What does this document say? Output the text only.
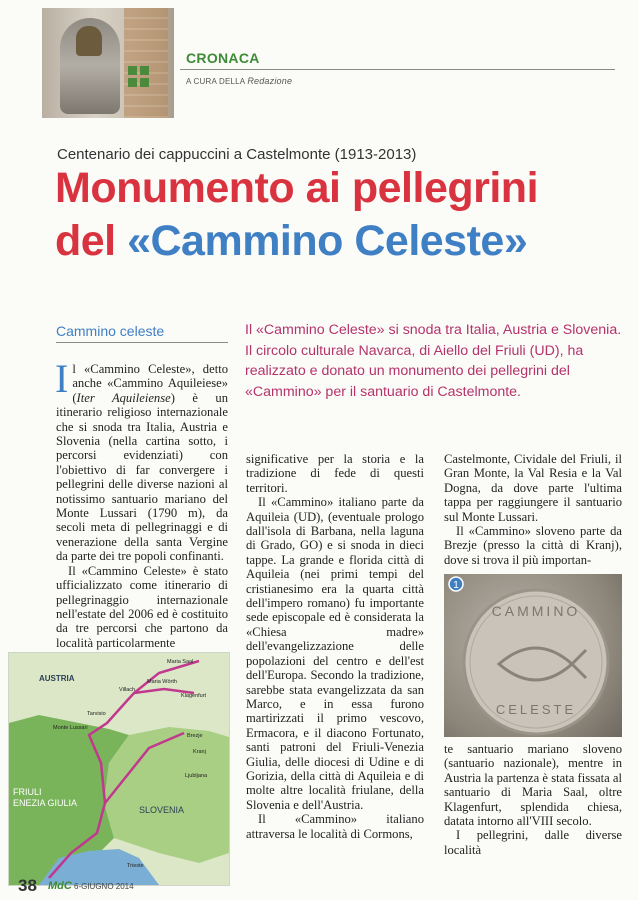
CRONACA
A CURA DELLA Redazione
Centenario dei cappuccini a Castelmonte (1913-2013)
Monumento ai pellegrini
del «Cammino Celeste»
Cammino celeste	Il «Cammino Celeste» si snoda tra Italia, Austria e Slovenia. Il circolo culturale Navarca, di Aiello del Friuli (UD), ha realizzato e donato un monumento dei pellegrini del «Cammino» per il santuario di Castelmonte.

Il «Cammino Celeste», detto anche «Cammino Aquileiese» (Iter Aquileiense) è un itinerario religioso internazionale che si snoda tra Italia, Austria e Slovenia (nella cartina sotto, i percorsi evidenziati) con l'obiettivo di far convergere i pellegrini delle diverse nazioni al notissimo santuario mariano del Monte Lussari (1790 m), da secoli meta di pellegrinaggi e di venerazione della santa Vergine da parte dei tre popoli confinanti.

Il «Cammino Celeste» è stato ufficializzato come itinerario di pellegrinaggio internazionale nell'estate del 2006 ed è costituito da tre percorsi che partono da località particolarmente

significative per la storia e la tradizione di fede di questi territori.

Il «Cammino» italiano parte da Aquileia (UD), (eventuale prologo dall'isola di Barbana, nella laguna di Grado, GO) e si snoda in dieci tappe. La grande e florida città di Aquileia (nei primi tempi del cristianesimo era la quarta città dell'impero romano) fu importante sede episcopale ed è considerata la «Chiesa madre» dell'evangelizzazione delle popolazioni del centro e dell'est dell'Europa. Secondo la tradizione, sarebbe stata evangelizzata da san Marco, e in essa furono martirizzati il primo vescovo, Ermacora, e il diacono Fortunato, santi patroni del Friuli-Venezia Giulia, delle diocesi di Udine e di Gorizia, della città di Aquileia e di molte altre località friulane, della Slovenia e dell'Austria.

Il «Cammino» italiano attraversa le località di Cormons,

Castelmonte, Cividale del Friuli, il Gran Monte, la Val Resia e la Val Dogna, da dove parte l'ultima tappa per raggiungere il santuario sul Monte Lussari.

Il «Cammino» sloveno parte da Brezje (presso la città di Kranj), dove si trova il più importan-

CAMMINO
CELESTE
1

te santuario mariano sloveno (santuario nazionale), mentre in Austria la partenza è stata fissata al santuario di Maria Saal, oltre Klagenfurt, splendida chiesa, datata intorno all'VIII secolo.

I pellegrini, dalle diverse località

AUSTRIA
SLOVENIA
FRIULI
ENEZIA GIULIA
Maria Saal
Klagenfurt
Villach
Maria Wörth
Brezje
Kranj
Ljubljana
Trieste
Monte Lussari
Tarvisio
38 MdC 6-GIUGNO 2014
